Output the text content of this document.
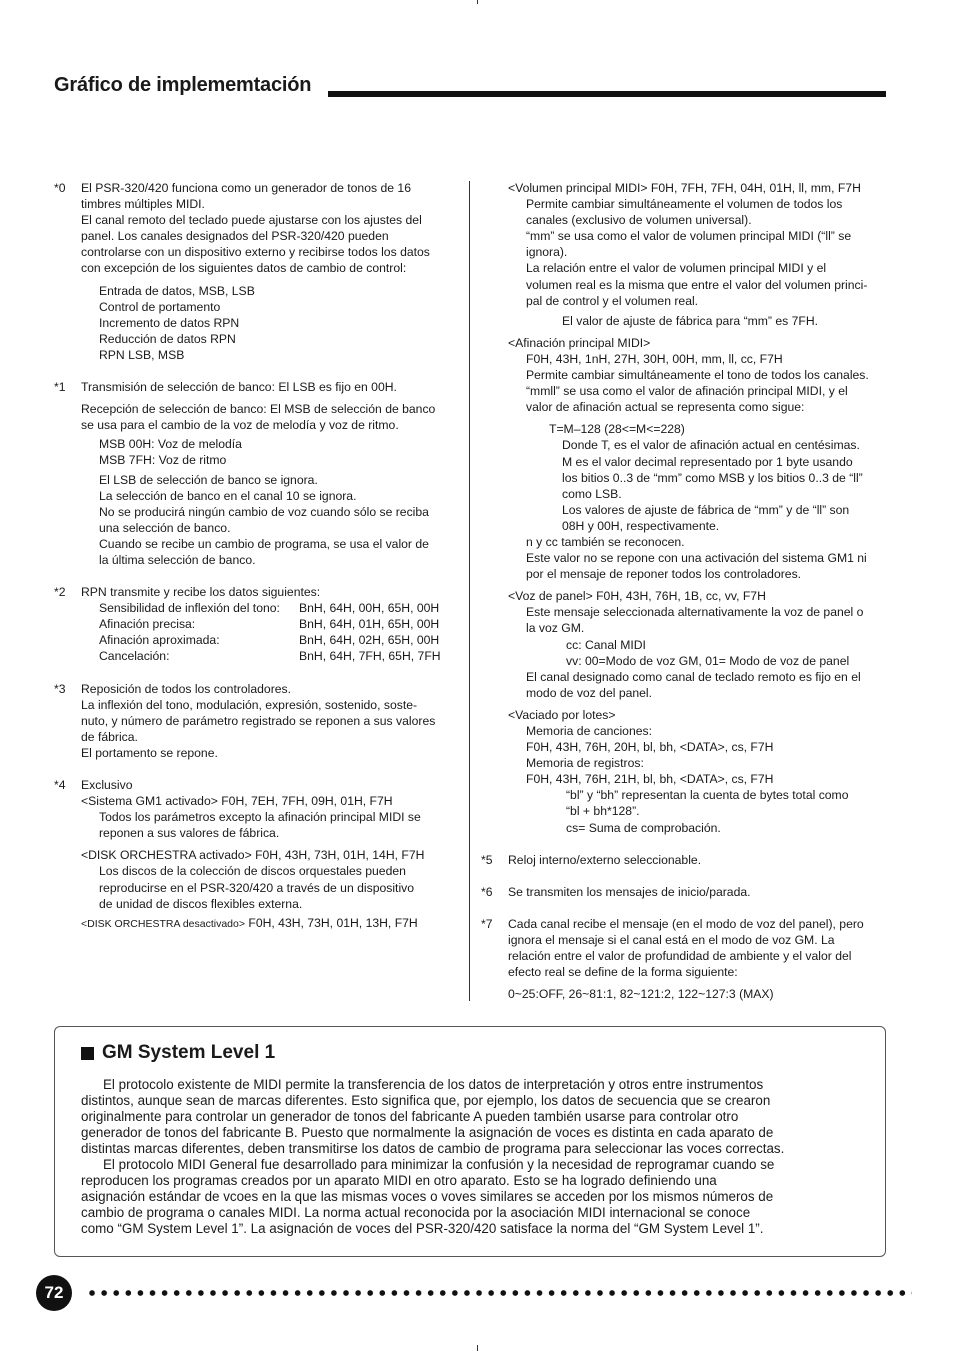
Gráfico de implememtación
*0 El PSR-320/420 funciona como un generador de tonos de 16
timbres múltiples MIDI.
El canal remoto del teclado puede ajustarse con los ajustes del
panel. Los canales designados del PSR-320/420 pueden
controlarse con un dispositivo externo y recibirse todos los datos
con excepción de los siguientes datos de cambio de control:
Entrada de datos, MSB, LSB
Control de portamento
Incremento de datos RPN
Reducción de datos RPN
RPN LSB, MSB
*1 Transmisión de selección de banco: El LSB es fijo en 00H.
Recepción de selección de banco: El MSB de selección de banco
se usa para el cambio de la voz de melodía y voz de ritmo.
MSB 00H: Voz de melodía
MSB 7FH: Voz de ritmo
El LSB de selección de banco se ignora.
La selección de banco en el canal 10 se ignora.
No se producirá ningún cambio de voz cuando sólo se reciba
una selección de banco.
Cuando se recibe un cambio de programa, se usa el valor de
la última selección de banco.
*2 RPN transmite y recibe los datos siguientes:
Sensibilidad de inflexión del tono:	BnH, 64H, 00H, 65H, 00H
Afinación precisa:	BnH, 64H, 01H, 65H, 00H
Afinación aproximada:	BnH, 64H, 02H, 65H, 00H
Cancelación:	BnH, 64H, 7FH, 65H, 7FH
*3 Reposición de todos los controladores.
La inflexión del tono, modulación, expresión, sostenido, soste-
nuto, y número de parámetro registrado se reponen a sus valores
de fábrica.
El portamento se repone.
*4 Exclusivo
<Sistema GM1 activado> F0H, 7EH, 7FH, 09H, 01H, F7H
Todos los parámetros excepto la afinación principal MIDI se
reponen a sus valores de fábrica.
<DISK ORCHESTRA activado> F0H, 43H, 73H, 01H, 14H, F7H
Los discos de la colección de discos orquestales pueden
reproducirse en el PSR-320/420 a través de un dispositivo
de unidad de discos flexibles externa.
<DISK ORCHESTRA desactivado> F0H, 43H, 73H, 01H, 13H, F7H
<Volumen principal MIDI> F0H, 7FH, 7FH, 04H, 01H, ll, mm, F7H
Permite cambiar simultáneamente el volumen de todos los
canales (exclusivo de volumen universal).
“mm” se usa como el valor de volumen principal MIDI (“ll” se
ignora).
La relación entre el valor de volumen principal MIDI y el
volumen real es la misma que entre el valor del volumen princi-
pal de control y el volumen real.
El valor de ajuste de fábrica para “mm” es 7FH.
<Afinación principal MIDI>
F0H, 43H, 1nH, 27H, 30H, 00H, mm, ll, cc, F7H
Permite cambiar simultáneamente el tono de todos los canales.
“mmll” se usa como el valor de afinación principal MIDI, y el
valor de afinación actual se representa como sigue:
T=M–128 (28<=M<=228)
Donde T, es el valor de afinación actual en centésimas.
M es el valor decimal representado por 1 byte usando
los bitios 0..3 de “mm” como MSB y los bitios 0..3 de “ll”
como LSB.
Los valores de ajuste de fábrica de “mm” y de “ll” son
08H y 00H, respectivamente.
n y cc también se reconocen.
Este valor no se repone con una activación del sistema GM1 ni
por el mensaje de reponer todos los controladores.
<Voz de panel> F0H, 43H, 76H, 1B, cc, vv, F7H
Este mensaje seleccionada alternativamente la voz de panel o
la voz GM.
cc: Canal MIDI
vv: 00=Modo de voz GM, 01= Modo de voz de panel
El canal designado como canal de teclado remoto es fijo en el
modo de voz del panel.
<Vaciado por lotes>
Memoria de canciones:
F0H, 43H, 76H, 20H, bl, bh, <DATA>, cs, F7H
Memoria de registros:
F0H, 43H, 76H, 21H, bl, bh, <DATA>, cs, F7H
“bl” y “bh” representan la cuenta de bytes total como
“bl + bh*128”.
cs= Suma de comprobación.
*5 Reloj interno/externo seleccionable.
*6 Se transmiten los mensajes de inicio/parada.
*7 Cada canal recibe el mensaje (en el modo de voz del panel), pero
ignora el mensaje si el canal está en el modo de voz GM. La
relación entre el valor de profundidad de ambiente y el valor del
efecto real se define de la forma siguiente:
0~25:OFF, 26~81:1, 82~121:2, 122~127:3 (MAX)
GM System Level 1
El protocolo existente de MIDI permite la transferencia de los datos de interpretación y otros entre instrumentos
distintos, aunque sean de marcas diferentes. Esto significa que, por ejemplo, los datos de secuencia que se crearon
originalmente para controlar un generador de tonos del fabricante A pueden también usarse para controlar otro
generador de tonos del fabricante B. Puesto que normalmente la asignación de voces es distinta en cada aparato de
distintas marcas diferentes, deben transmitirse los datos de cambio de programa para seleccionar las voces correctas.
El protocolo MIDI General fue desarrollado para minimizar la confusión y la necesidad de reprogramar cuando se
reproducen los programas creados por un aparato MIDI en otro aparato. Esto se ha logrado definiendo una
asignación estándar de vcoes en la que las mismas voces o voves similares se acceden por los mismos números de
cambio de programa o canales MIDI. La norma actual reconocida por la asociación MIDI internacional se conoce
como “GM System Level 1”. La asignación de voces del PSR-320/420 satisface la norma del “GM System Level 1”.
72
